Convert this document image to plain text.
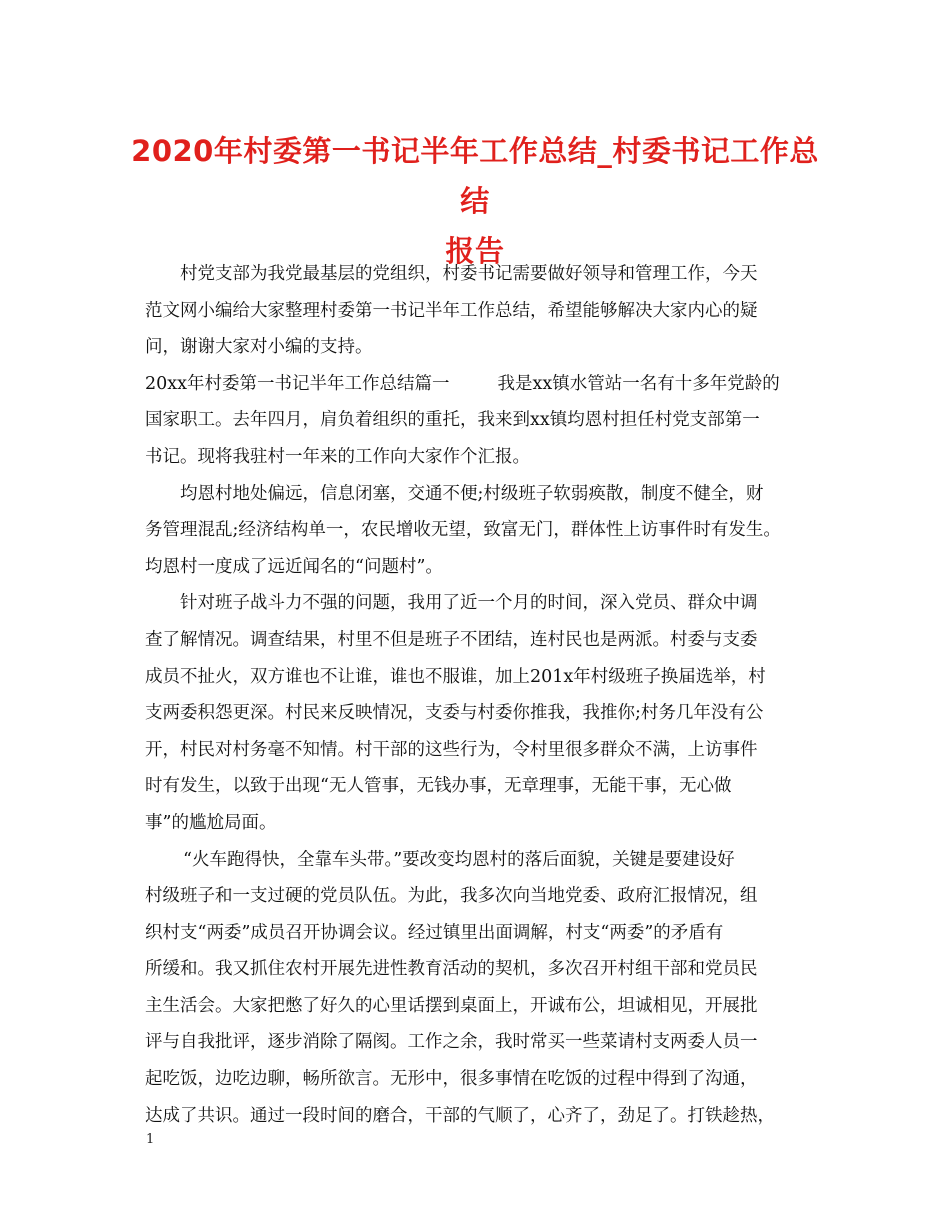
2020年村委第一书记半年工作总结_村委书记工作总结
报告
村党支部为我党最基层的党组织，村委书记需要做好领导和管理工作，今天
范文网小编给大家整理村委第一书记半年工作总结，希望能够解决大家内心的疑
问，谢谢大家对小编的支持。
20xx年村委第一书记半年工作总结篇一	我是xx镇水管站一名有十多年党龄的
国家职工。去年四月，肩负着组织的重托，我来到xx镇均恩村担任村党支部第一
书记。现将我驻村一年来的工作向大家作个汇报。
均恩村地处偏远，信息闭塞，交通不便;村级班子软弱痪散，制度不健全，财
务管理混乱;经济结构单一，农民增收无望，致富无门，群体性上访事件时有发生。
均恩村一度成了远近闻名的“问题村”。
针对班子战斗力不强的问题，我用了近一个月的时间，深入党员、群众中调
查了解情况。调查结果，村里不但是班子不团结，连村民也是两派。村委与支委
成员不扯火，双方谁也不让谁，谁也不服谁，加上201x年村级班子换届选举，村
支两委积怨更深。村民来反映情况，支委与村委你推我，我推你;村务几年没有公
开，村民对村务毫不知情。村干部的这些行为，令村里很多群众不满，上访事件
时有发生，以致于出现“无人管事，无钱办事，无章理事，无能干事，无心做
事”的尴尬局面。
“火车跑得快，全靠车头带。”要改变均恩村的落后面貌，关键是要建设好
村级班子和一支过硬的党员队伍。为此，我多次向当地党委、政府汇报情况，组
织村支“两委”成员召开协调会议。经过镇里出面调解，村支“两委”的矛盾有
所缓和。我又抓住农村开展先进性教育活动的契机，多次召开村组干部和党员民
主生活会。大家把憋了好久的心里话摆到桌面上，开诚布公，坦诚相见，开展批
评与自我批评，逐步消除了隔阂。工作之余，我时常买一些菜请村支两委人员一
起吃饭，边吃边聊，畅所欲言。无形中，很多事情在吃饭的过程中得到了沟通，
达成了共识。通过一段时间的磨合，干部的气顺了，心齐了，劲足了。打铁趁热，
1
